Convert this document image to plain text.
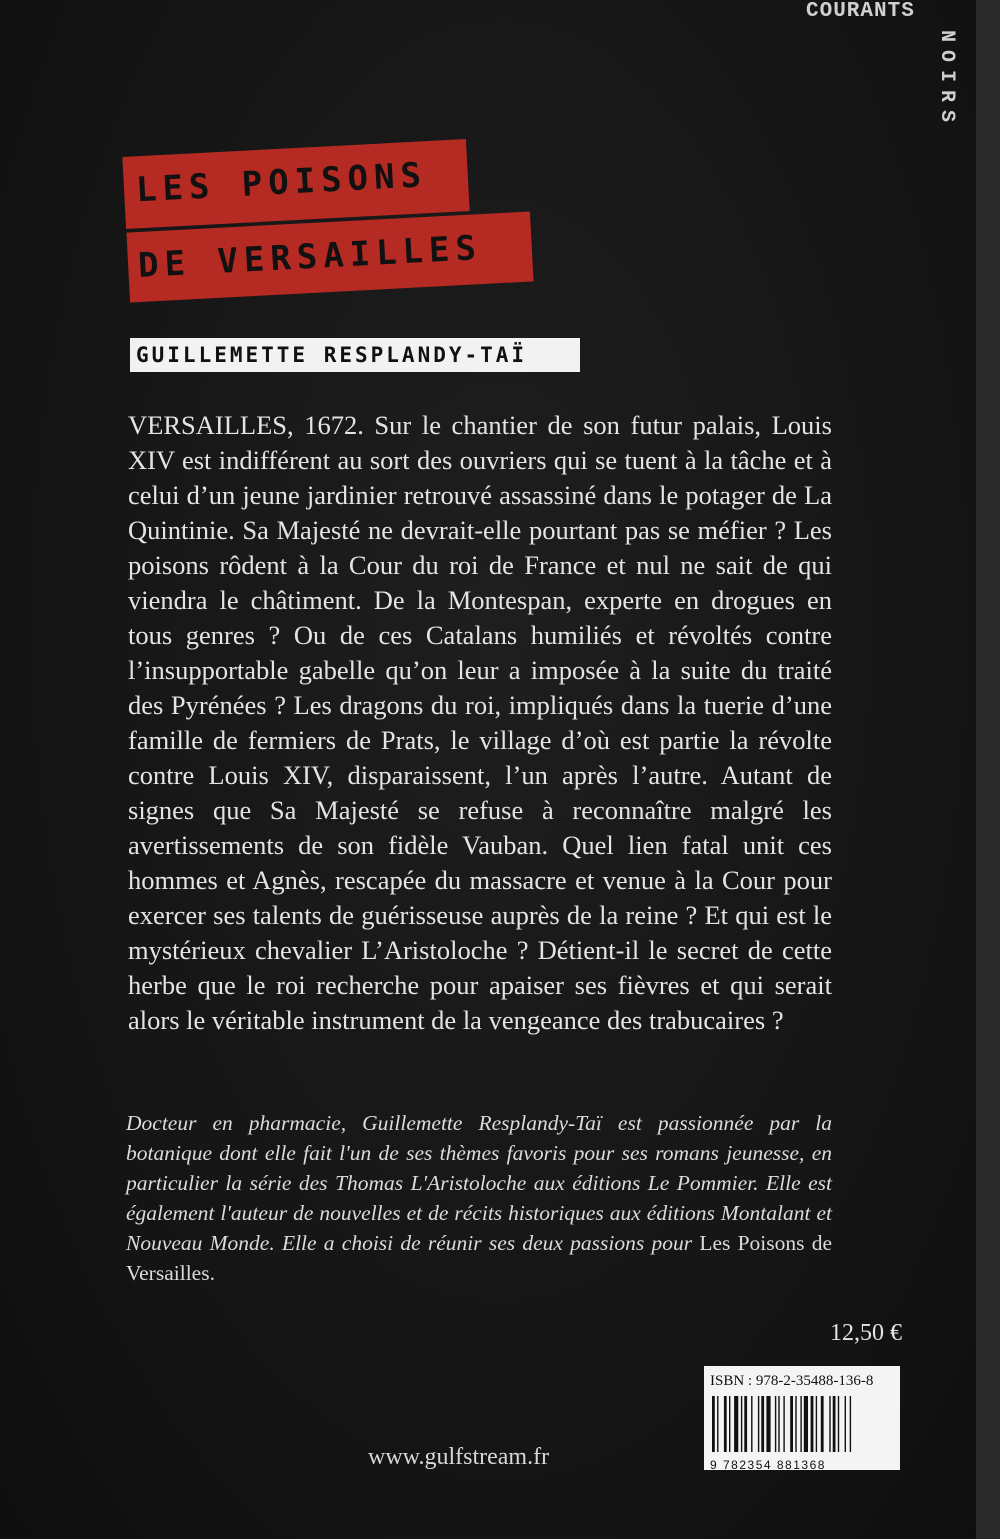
COURANTS
N
O
I
R
S
LES POISONS
DE VERSAILLES
GUILLEMETTE RESPLANDY-TAÏ

VERSAILLES, 1672. Sur le chantier de son futur palais, Louis XIV est indifférent au sort des ouvriers qui se tuent à la tâche et à celui d’un jeune jardinier retrouvé assassiné dans le potager de La Quintinie. Sa Majesté ne devrait-elle pourtant pas se méfier ? Les poisons rôdent à la Cour du roi de France et nul ne sait de qui viendra le châtiment. De la Montespan, experte en drogues en tous genres ? Ou de ces Catalans humiliés et révoltés contre l’insupportable gabelle qu’on leur a imposée à la suite du traité des Pyrénées ? Les dragons du roi, impliqués dans la tuerie d’une famille de fermiers de Prats, le village d’où est partie la révolte contre Louis XIV, disparaissent, l’un après l’autre. Autant de signes que Sa Majesté se refuse à reconnaître malgré les avertissements de son fidèle Vauban. Quel lien fatal unit ces hommes et Agnès, rescapée du massacre et venue à la Cour pour exercer ses talents de guérisseuse auprès de la reine ? Et qui est le mystérieux chevalier L’Aristoloche ? Détient-il le secret de cette herbe que le roi recherche pour apaiser ses fièvres et qui serait alors le véritable instrument de la vengeance des trabucaires ?

Docteur en pharmacie, Guillemette Resplandy-Taï est passionnée par la botanique dont elle fait l'un de ses thèmes favoris pour ses romans jeunesse, en particulier la série des Thomas L'Aristoloche aux éditions Le Pommier. Elle est également l'auteur de nouvelles et de récits historiques aux éditions Montalant et Nouveau Monde. Elle a choisi de réunir ses deux passions pour Les Poisons de Versailles.

12,50 €
ISBN : 978-2-35488-136-8
9 782354 881368
www.gulfstream.fr
